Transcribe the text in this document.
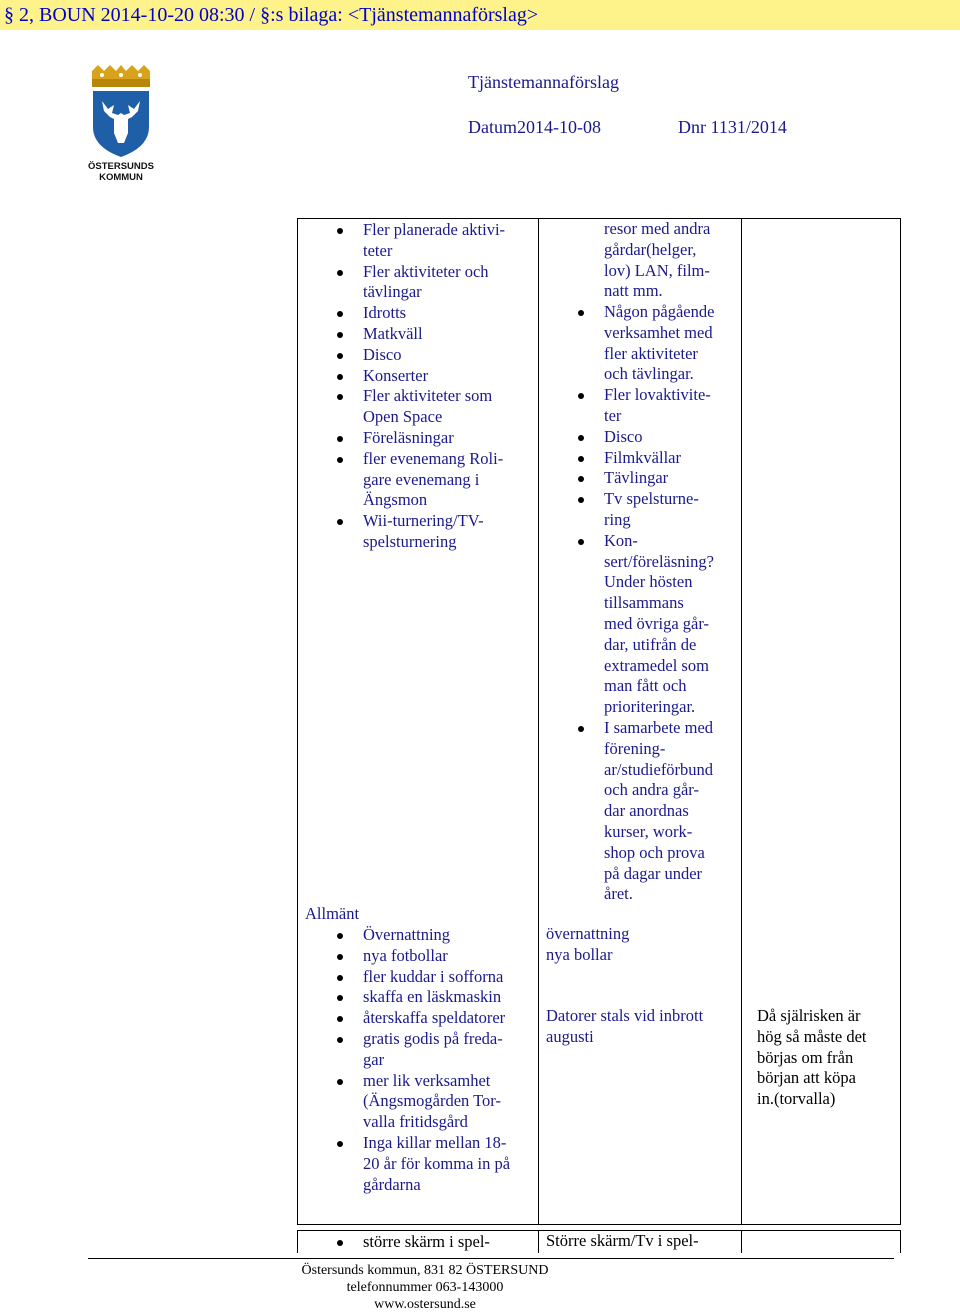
§ 2, BOUN 2014-10-20 08:30 / §:s bilaga: <Tjänstemannaförslag>
ÖSTERSUNDS
KOMMUN
Tjänstemannaförslag
Datum2014-10-08	Dnr 1131/2014
Fler planerade aktivi-
teter
Fler aktiviteter och
tävlingar
Idrotts
Matkväll
Disco
Konserter
Fler aktiviteter som
Open Space
Föreläsningar
fler evenemang Roli-
gare evenemang i
Ängsmon
Wii-turnering/TV-
spelsturnering
resor med andra
gårdar(helger,
lov) LAN, film-
natt mm.
Någon pågående
verksamhet med
fler aktiviteter
och tävlingar.
Fler lovaktivite-
ter
Disco
Filmkvällar
Tävlingar
Tv spelsturne-
ring
Kon-
sert/föreläsning?
Under hösten
tillsammans
med övriga går-
dar, utifrån de
extramedel som
man fått och
prioriteringar.
I samarbete med
förening-
ar/studieförbund
och andra går-
dar anordnas
kurser, work-
shop och prova
på dagar under
året.
Allmänt
Övernattning
nya fotbollar
fler kuddar i sofforna
skaffa en läskmaskin
återskaffa speldatorer
gratis godis på freda-
gar
mer lik verksamhet
(Ängsmogården Tor-
valla fritidsgård
Inga killar mellan 18-
20 år för komma in på
gårdarna
övernattning
nya bollar
Datorer stals vid inbrott
augusti
Då själrisken är
hög så måste det
börjas om från
början att köpa
in.(torvalla)
större skärm i spel-	Större skärm/Tv i spel-
Östersunds kommun, 831 82 ÖSTERSUND
telefonnummer 063-143000
www.ostersund.se
